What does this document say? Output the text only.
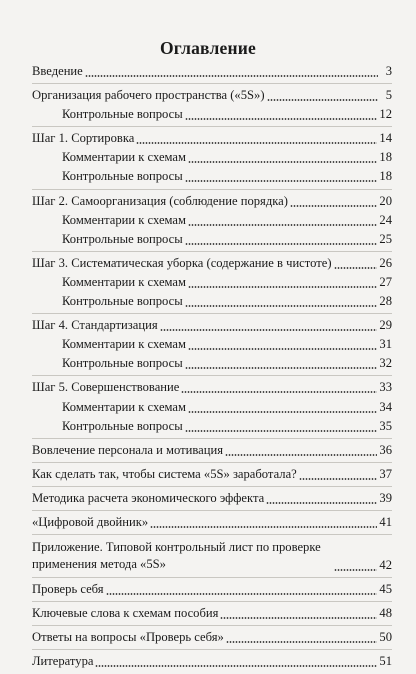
Оглавление
Введение	3
Организация рабочего пространства («5S»)	5
Контрольные вопросы	12
Шаг 1. Сортировка	14
Комментарии к схемам	18
Контрольные вопросы	18
Шаг 2. Самоорганизация (соблюдение порядка)	20
Комментарии к схемам	24
Контрольные вопросы	25
Шаг 3. Систематическая уборка (содержание в чистоте)	26
Комментарии к схемам	27
Контрольные вопросы	28
Шаг 4. Стандартизация	29
Комментарии к схемам	31
Контрольные вопросы	32
Шаг 5. Совершенствование	33
Комментарии к схемам	34
Контрольные вопросы	35
Вовлечение персонала и мотивация	36
Как сделать так, чтобы система «5S» заработала?	37
Методика расчета экономического эффекта	39
«Цифровой двойник»	41
Приложение. Типовой контрольный лист по проверке применения метода «5S»	42
Проверь себя	45
Ключевые слова к схемам пособия	48
Ответы на вопросы «Проверь себя»	50
Литература	51
